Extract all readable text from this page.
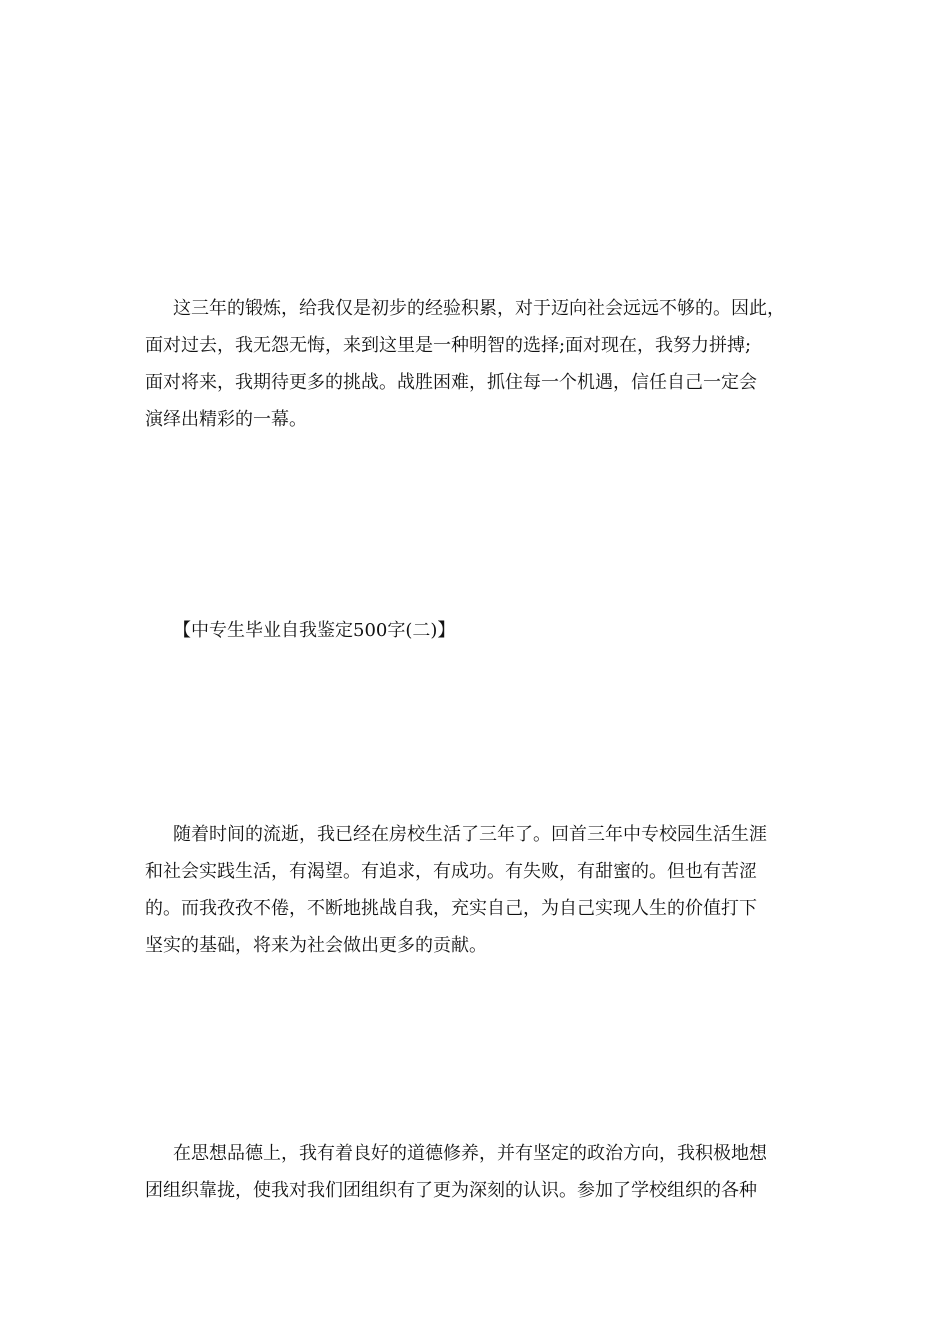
这三年的锻炼，给我仅是初步的经验积累，对于迈向社会远远不够的。因此，
面对过去，我无怨无悔，来到这里是一种明智的选择;面对现在，我努力拼搏;
面对将来，我期待更多的挑战。战胜困难，抓住每一个机遇，信任自己一定会
演绎出精彩的一幕。

【中专生毕业自我鉴定500字(二)】

随着时间的流逝，我已经在房校生活了三年了。回首三年中专校园生活生涯
和社会实践生活，有渴望。有追求，有成功。有失败，有甜蜜的。但也有苦涩
的。而我孜孜不倦，不断地挑战自我，充实自己，为自己实现人生的价值打下
坚实的基础，将来为社会做出更多的贡献。

在思想品德上，我有着良好的道德修养，并有坚定的政治方向，我积极地想
团组织靠拢，使我对我们团组织有了更为深刻的认识。参加了学校组织的各种
